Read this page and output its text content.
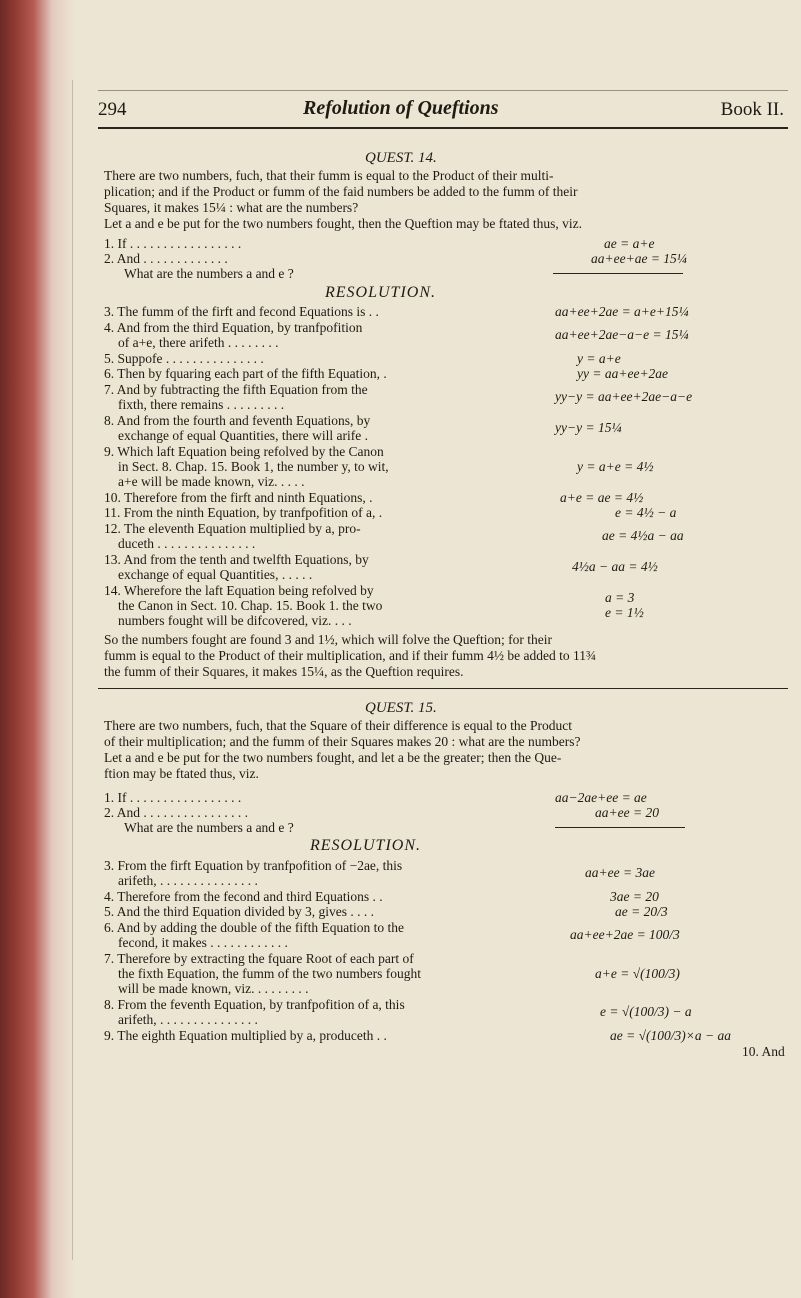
294	Refolution of Queftions	Book II.
QUEST. 14.
There are two numbers, fuch, that their fumm is equal to the Product of their multi-
plication; and if the Product or fumm of the faid numbers be added to the fumm of their
Squares, it makes 15¼ : what are the numbers?
Let a and e be put for the two numbers fought, then the Queftion may be ftated thus, viz.
1. If . . . . . . . . . . . . . . . . .	ae = a+e
2. And . . . . . . . . . . . . .	aa+ee+ae = 15¼
What are the numbers a and e ?
RESOLUTION.
3. The fumm of the firft and fecond Equations is . .	aa+ee+2ae = a+e+15¼
4. And from the third Equation, by tranfpofition	aa+ee+2ae−a−e = 15¼
of a+e, there arifeth . . . . . . . .
5. Suppofe . . . . . . . . . . . . . . .	y = a+e
6. Then by fquaring each part of the fifth Equation, .	yy = aa+ee+2ae
7. And by fubtracting the fifth Equation from the	yy−y = aa+ee+2ae−a−e
fixth, there remains . . . . . . . . .
8. And from the fourth and feventh Equations, by	yy−y = 15¼
exchange of equal Quantities, there will arife .
9. Which laft Equation being refolved by the Canon
in Sect. 8. Chap. 15. Book 1, the number y, to wit,	y = a+e = 4½
a+e will be made known, viz. . . . .
10. Therefore from the firft and ninth Equations, .	a+e = ae = 4½
11. From the ninth Equation, by tranfpofition of a, .	e = 4½ − a
12. The eleventh Equation multiplied by a, pro-	ae = 4½a − aa
duceth . . . . . . . . . . . . . . .
13. And from the tenth and twelfth Equations, by	4½a − aa = 4½
exchange of equal Quantities, . . . . .
14. Wherefore the laft Equation being refolved by	a = 3
the Canon in Sect. 10. Chap. 15. Book 1. the two	e = 1½
numbers fought will be difcovered, viz. . . .
So the numbers fought are found 3 and 1½, which will folve the Queftion; for their
fumm is equal to the Product of their multiplication, and if their fumm 4½ be added to 11¾
the fumm of their Squares, it makes 15¼, as the Queftion requires.
QUEST. 15.
There are two numbers, fuch, that the Square of their difference is equal to the Product
of their multiplication; and the fumm of their Squares makes 20 : what are the numbers?
Let a and e be put for the two numbers fought, and let a be the greater; then the Que-
ftion may be ftated thus, viz.
1. If . . . . . . . . . . . . . . . . .	aa−2ae+ee = ae
2. And . . . . . . . . . . . . . . . .	aa+ee = 20
What are the numbers a and e ?
RESOLUTION.
3. From the firft Equation by tranfpofition of −2ae, this	aa+ee = 3ae
arifeth, . . . . . . . . . . . . . . .
4. Therefore from the fecond and third Equations . .	3ae = 20
5. And the third Equation divided by 3, gives . . . .	ae = 20/3
6. And by adding the double of the fifth Equation to the	aa+ee+2ae = 100/3
fecond, it makes . . . . . . . . . . . .
7. Therefore by extracting the fquare Root of each part of
the fixth Equation, the fumm of the two numbers fought	a+e = √(100/3)
will be made known, viz. . . . . . . . .
8. From the feventh Equation, by tranfpofition of a, this	e = √(100/3) − a
arifeth, . . . . . . . . . . . . . . .
9. The eighth Equation multiplied by a, produceth . .	ae = √(100/3)×a − aa
10. And
